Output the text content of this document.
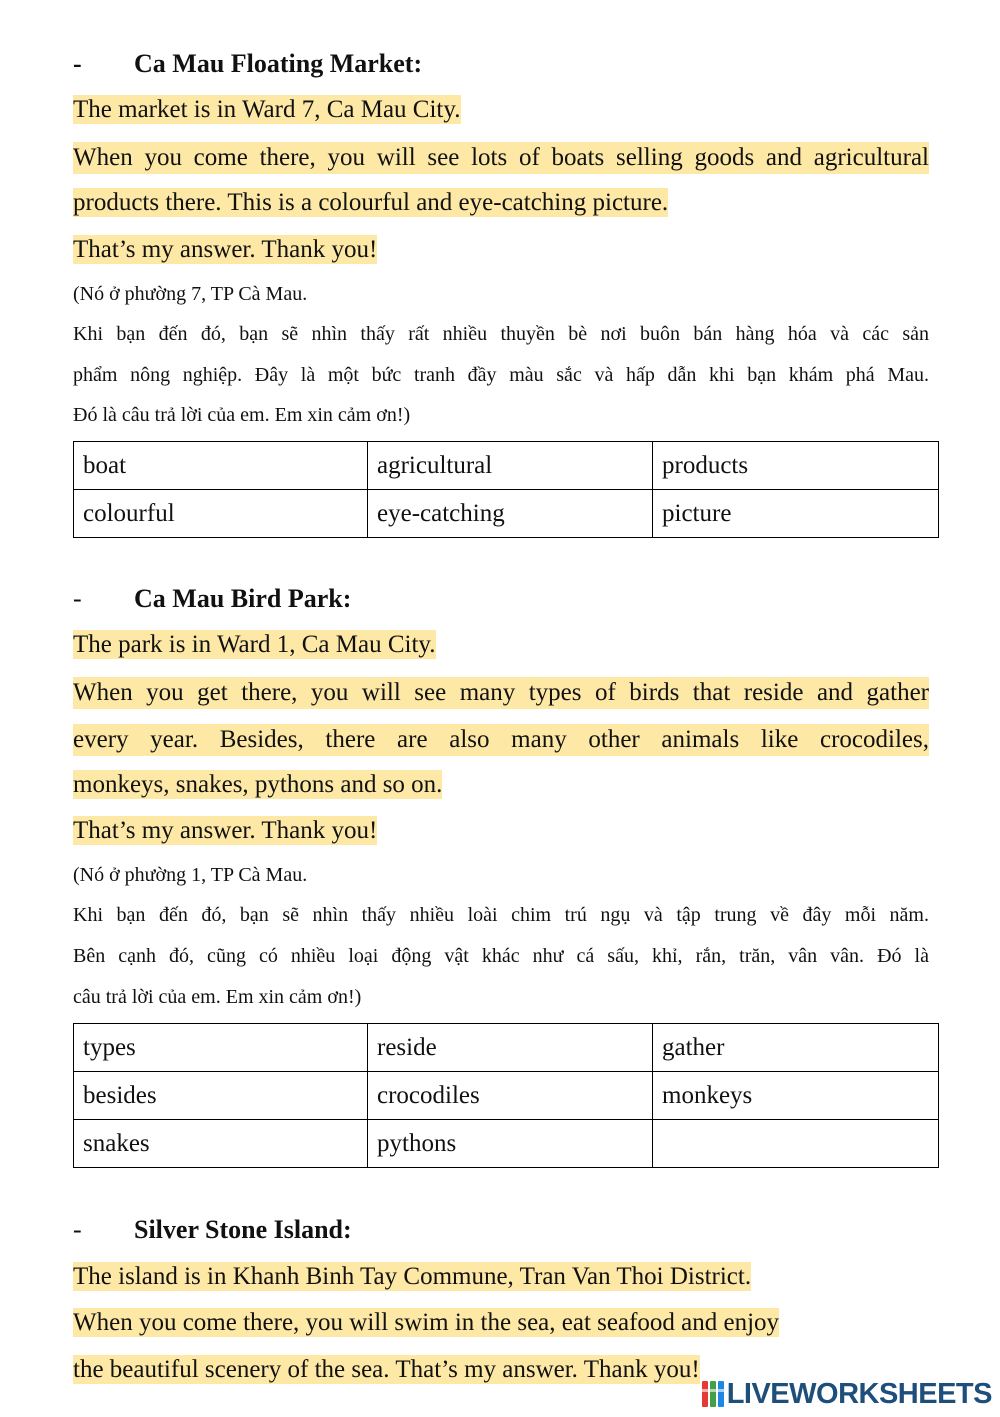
- Ca Mau Floating Market:
The market is in Ward 7, Ca Mau City.
When you come there, you will see lots of boats selling goods and agricultural
products there. This is a colourful and eye-catching picture.
That’s my answer. Thank you!
(Nó ở phường 7, TP Cà Mau.
Khi bạn đến đó, bạn sẽ nhìn thấy rất nhiều thuyền bè nơi buôn bán hàng hóa và các sản
phẩm nông nghiệp. Đây là một bức tranh đầy màu sắc và hấp dẫn khi bạn khám phá Mau.
Đó là câu trả lời của em. Em xin cảm ơn!)
boat	agricultural	products
colourful	eye-catching	picture
- Ca Mau Bird Park:
The park is in Ward 1, Ca Mau City.
When you get there, you will see many types of birds that reside and gather
every year. Besides, there are also many other animals like crocodiles,
monkeys, snakes, pythons and so on.
That’s my answer. Thank you!
(Nó ở phường 1, TP Cà Mau.
Khi bạn đến đó, bạn sẽ nhìn thấy nhiều loài chim trú ngụ và tập trung về đây mỗi năm.
Bên cạnh đó, cũng có nhiều loại động vật khác như cá sấu, khỉ, rắn, trăn, vân vân. Đó là
câu trả lời của em. Em xin cảm ơn!)
types	reside	gather
besides	crocodiles	monkeys
snakes	pythons	
- Silver Stone Island:
The island is in Khanh Binh Tay Commune, Tran Van Thoi District.
When you come there, you will swim in the sea, eat seafood and enjoy
the beautiful scenery of the sea. That’s my answer. Thank you!
LIVEWORKSHEETS
